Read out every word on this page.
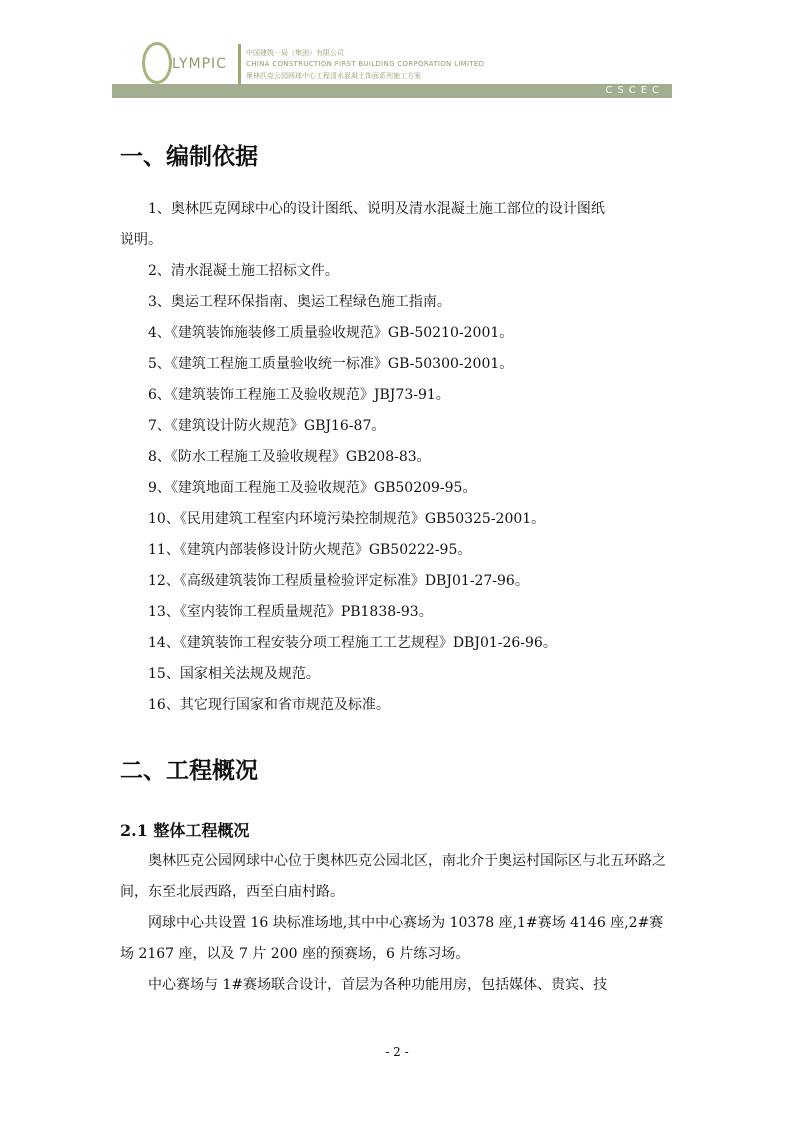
LYMPIC
中国建筑一局（集团）有限公司
CHINA CONSTRUCTION FIRST BUILDING CORPORATION LIMITED
奥林匹克公园网球中心工程清水混凝土饰面系列施工方案
CSCEC
一、编制依据
1、奥林匹克网球中心的设计图纸、说明及清水混凝土施工部位的设计图纸
说明。
2、清水混凝土施工招标文件。
3、奥运工程环保指南、奥运工程绿色施工指南。
4、《建筑装饰施装修工质量验收规范》GB-50210-2001。
5、《建筑工程施工质量验收统一标准》GB-50300-2001。
6、《建筑装饰工程施工及验收规范》JBJ73-91。
7、《建筑设计防火规范》GBJ16-87。
8、《防水工程施工及验收规程》GB208-83。
9、《建筑地面工程施工及验收规范》GB50209-95。
10、《民用建筑工程室内环境污染控制规范》GB50325-2001。
11、《建筑内部装修设计防火规范》GB50222-95。
12、《高级建筑装饰工程质量检验评定标准》DBJ01-27-96。
13、《室内装饰工程质量规范》PB1838-93。
14、《建筑装饰工程安装分项工程施工工艺规程》DBJ01-26-96。
15、国家相关法规及规范。
16、其它现行国家和省市规范及标准。
二、工程概况
2.1 整体工程概况
奥林匹克公园网球中心位于奥林匹克公园北区，南北介于奥运村国际区与北五环路之间，东至北辰西路，西至白庙村路。
网球中心共设置 16 块标准场地,其中中心赛场为 10378 座,1#赛场 4146 座,2#赛场 2167 座，以及 7 片 200 座的预赛场，6 片练习场。
中心赛场与 1#赛场联合设计，首层为各种功能用房，包括媒体、贵宾、技
- 2 -
